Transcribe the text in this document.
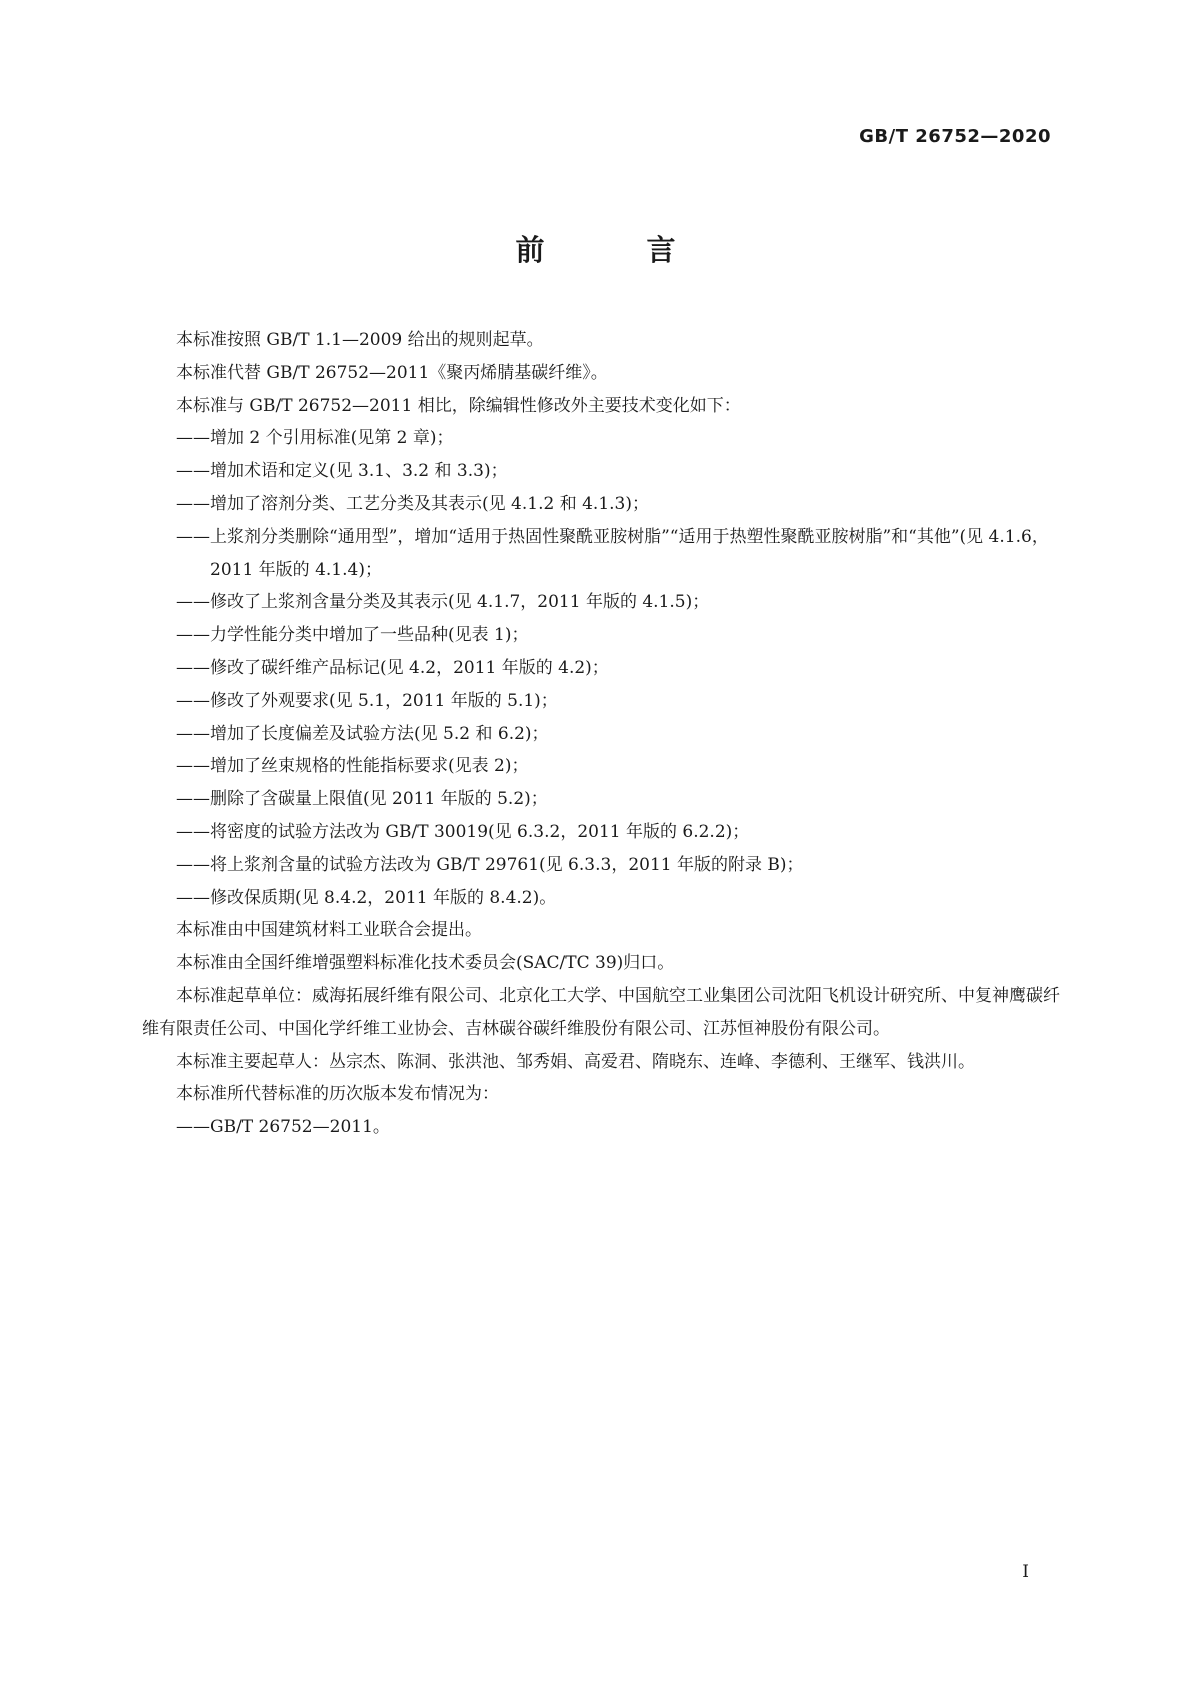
GB/T 26752—2020
前 言

本标准按照 GB/T 1.1—2009 给出的规则起草。

本标准代替 GB/T 26752—2011《聚丙烯腈基碳纤维》。

本标准与 GB/T 26752—2011 相比，除编辑性修改外主要技术变化如下：

——增加 2 个引用标准(见第 2 章)；

——增加术语和定义(见 3.1、3.2 和 3.3)；

——增加了溶剂分类、工艺分类及其表示(见 4.1.2 和 4.1.3)；

——上浆剂分类删除“通用型”，增加“适用于热固性聚酰亚胺树脂”“适用于热塑性聚酰亚胺树脂”和“其他”(见 4.1.6，2011 年版的 4.1.4)；

——修改了上浆剂含量分类及其表示(见 4.1.7，2011 年版的 4.1.5)；

——力学性能分类中增加了一些品种(见表 1)；

——修改了碳纤维产品标记(见 4.2，2011 年版的 4.2)；

——修改了外观要求(见 5.1，2011 年版的 5.1)；

——增加了长度偏差及试验方法(见 5.2 和 6.2)；

——增加了丝束规格的性能指标要求(见表 2)；

——删除了含碳量上限值(见 2011 年版的 5.2)；

——将密度的试验方法改为 GB/T 30019(见 6.3.2，2011 年版的 6.2.2)；

——将上浆剂含量的试验方法改为 GB/T 29761(见 6.3.3，2011 年版的附录 B)；

——修改保质期(见 8.4.2，2011 年版的 8.4.2)。

本标准由中国建筑材料工业联合会提出。

本标准由全国纤维增强塑料标准化技术委员会(SAC/TC 39)归口。

本标准起草单位：威海拓展纤维有限公司、北京化工大学、中国航空工业集团公司沈阳飞机设计研究所、中复神鹰碳纤维有限责任公司、中国化学纤维工业协会、吉林碳谷碳纤维股份有限公司、江苏恒神股份有限公司。

本标准主要起草人：丛宗杰、陈洞、张洪池、邹秀娟、高爱君、隋晓东、连峰、李德利、王继军、钱洪川。

本标准所代替标准的历次版本发布情况为：

——GB/T 26752—2011。

I
